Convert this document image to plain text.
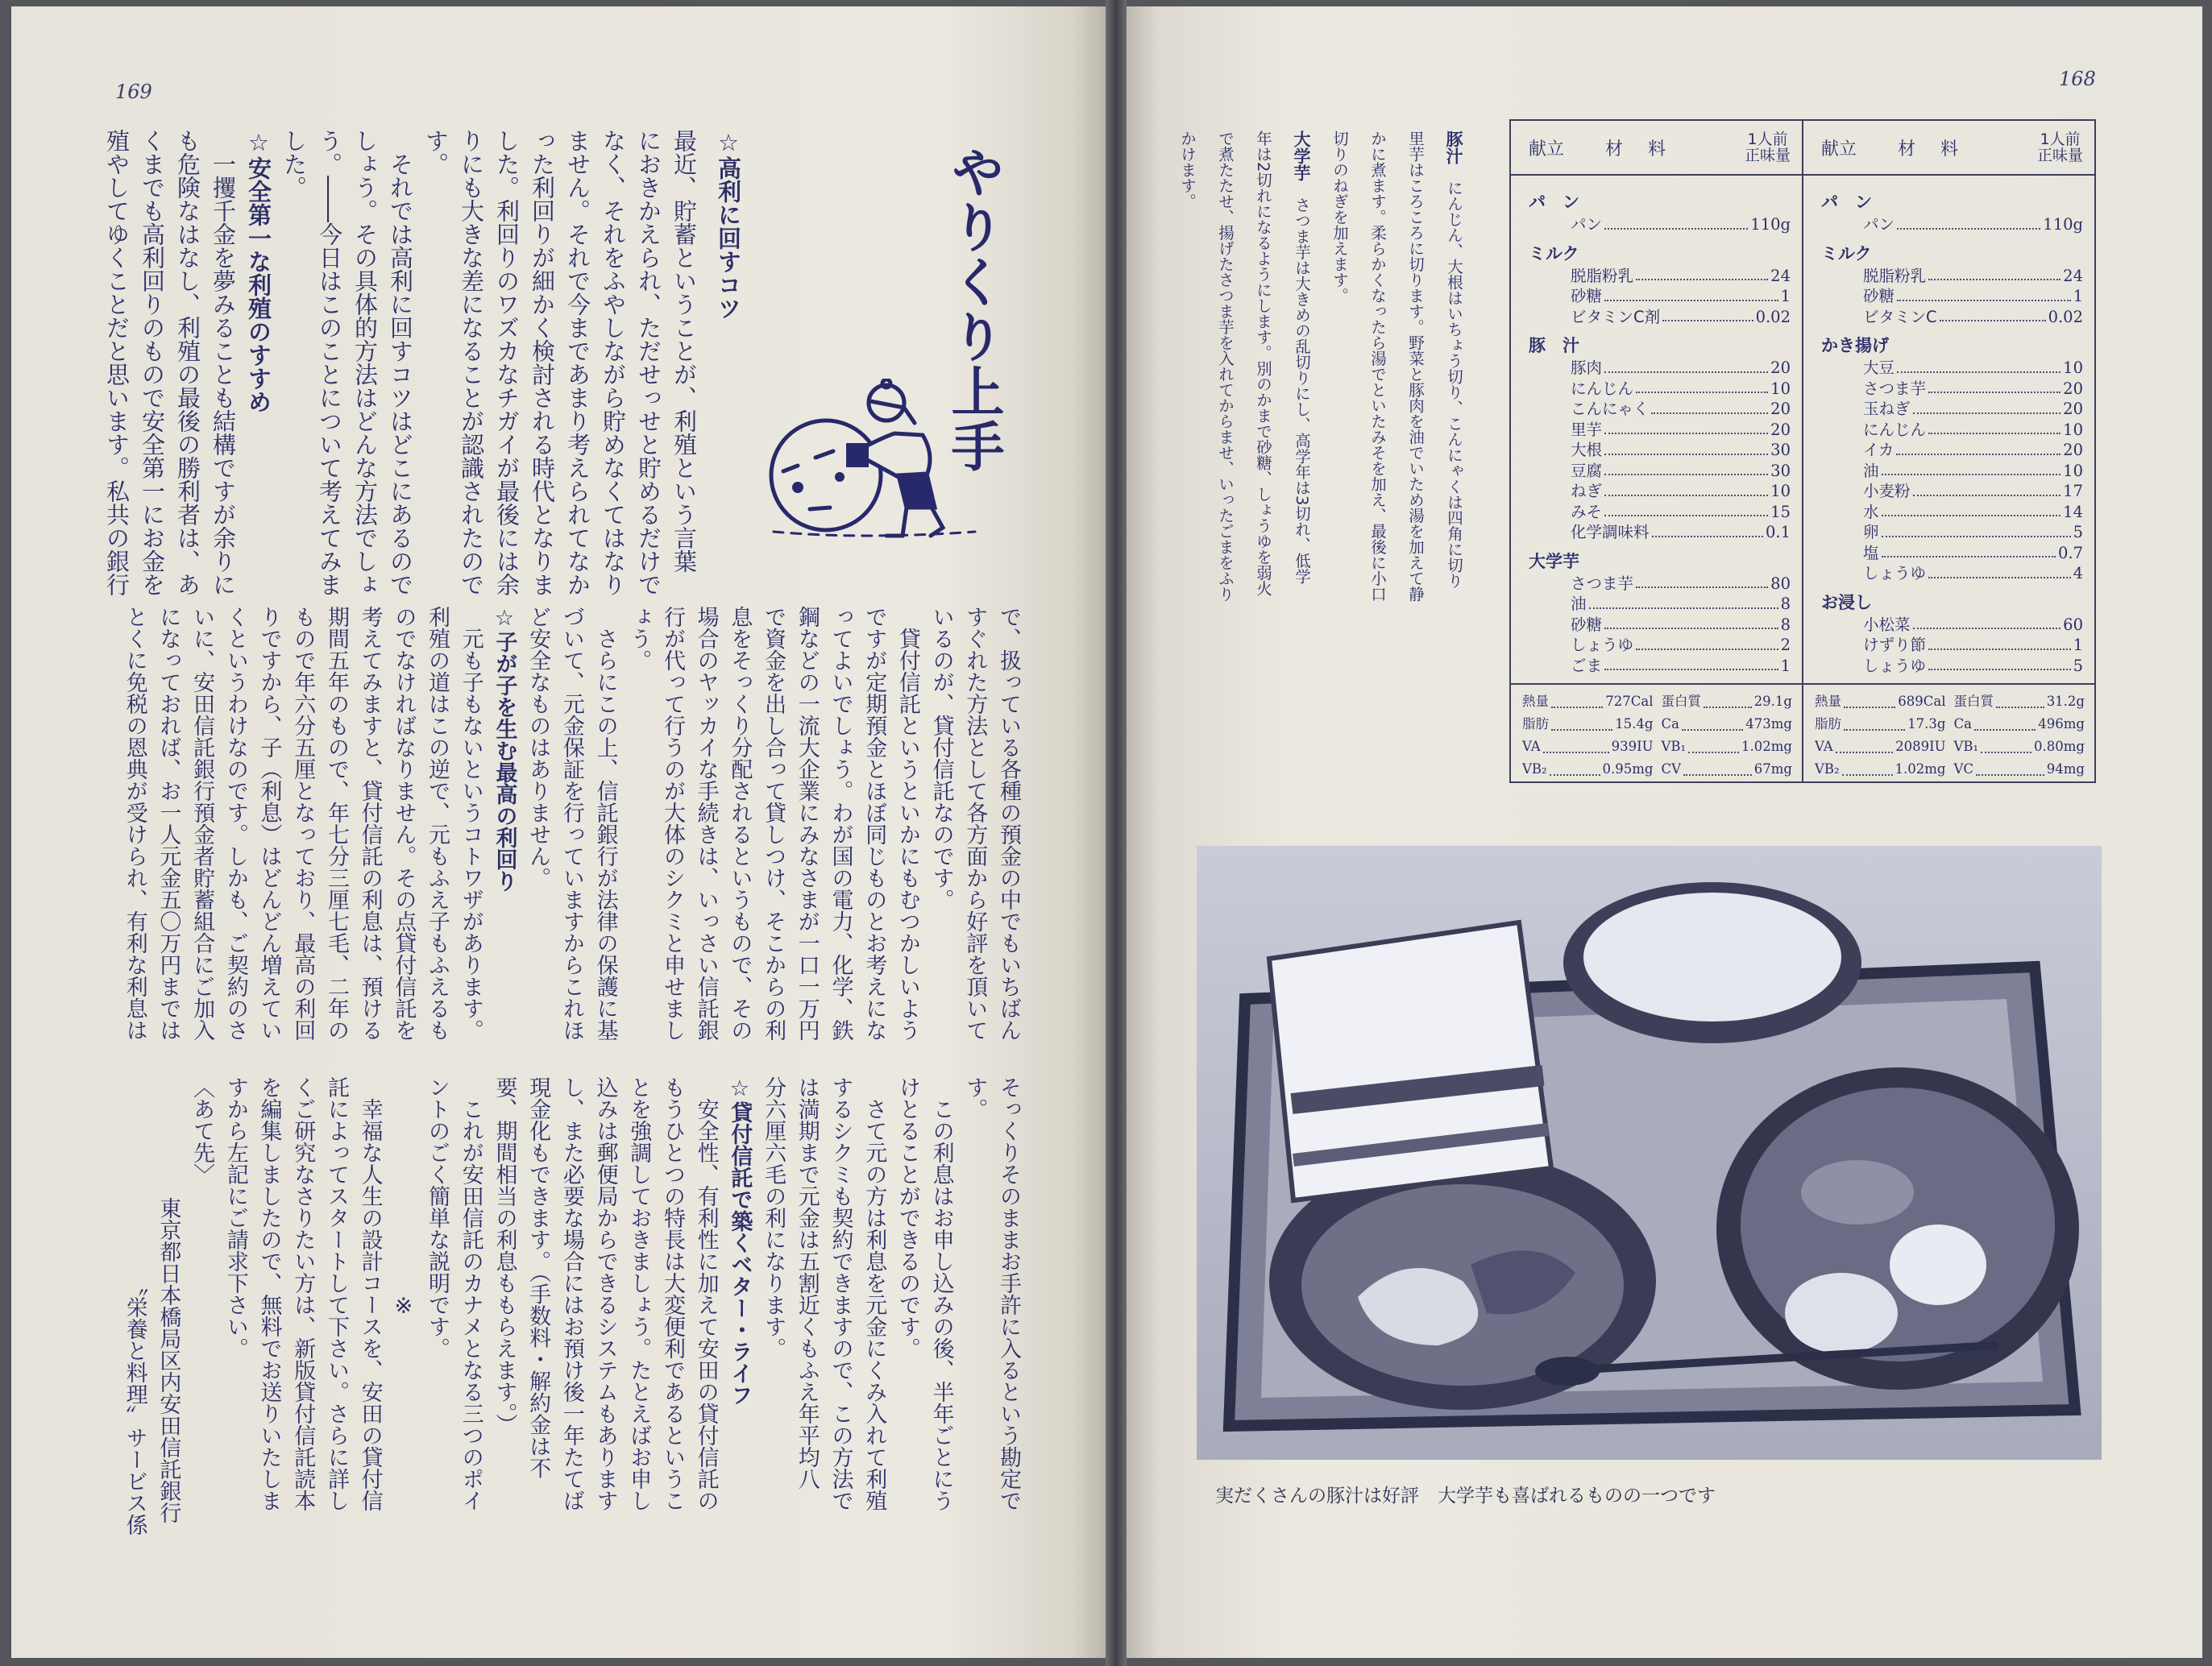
169
やりくり上手
☆高利に回すコツ
最近、貯蓄ということが、利殖という言葉
におきかえられ、ただせっせと貯めるだけで
なく、それをふやしながら貯めなくてはなり
ません。それで今まであまり考えられてなか
った利回りが細かく検討される時代となりま
した。利回りのワズカなチガイが最後には余
りにも大きな差になることが認識されたので
す。
　それでは高利に回すコツはどこにあるので
しょう。その具体的方法はどんな方法でしょ
う。――今日はこのことについて考えてみま
した。
☆安全第一な利殖のすすめ
　一攫千金を夢みることも結構ですが余りに
も危険なはなし、利殖の最後の勝利者は、あ
くまでも高利回りのもので安全第一にお金を
殖やしてゆくことだと思います。私共の銀行
で、扱っている各種の預金の中でもいちばん
すぐれた方法として各方面から好評を頂いて
いるのが、貸付信託なのです。
　貸付信託というといかにもむつかしいよう
ですが定期預金とほぼ同じものとお考えにな
ってよいでしょう。わが国の電力、化学、鉄
鋼などの一流大企業にみなさまが一口一万円
で資金を出し合って貸しつけ、そこからの利
息をそっくり分配されるというもので、その
場合のヤッカイな手続きは、いっさい信託銀
行が代って行うのが大体のシクミと申せまし
ょう。
　さらにこの上、信託銀行が法律の保護に基
づいて、元金保証を行っていますからこれほ
ど安全なものはありません。
☆子が子を生む最高の利回り
　元も子もないというコトワザがあります。
利殖の道はこの逆で、元もふえ子もふえるも
のでなければなりません。その点貸付信託を
考えてみますと、貸付信託の利息は、預ける
期間五年のもので、年七分三厘七毛、二年の
もので年六分五厘となっており、最高の利回
りですから、子（利息）はどんどん増えてい
くというわけなのです。しかも、ご契約のさ
いに、安田信託銀行預金者貯蓄組合にご加入
になっておれば、お一人元金五〇万円までは
とくに免税の恩典が受けられ、有利な利息は
そっくりそのままお手許に入るという勘定で
す。
　この利息はお申し込みの後、半年ごとにう
けとることができるのです。
　さて元の方は利息を元金にくみ入れて利殖
するシクミも契約できますので、この方法で
は満期まで元金は五割近くもふえ年平均八
分六厘六毛の利になります。
☆貸付信託で築くベター・ライフ
　安全性、有利性に加えて安田の貸付信託の
もうひとつの特長は大変便利であるというこ
とを強調しておきましょう。たとえばお申し
込みは郵便局からできるシステムもあります
し、また必要な場合にはお預け後一年たてば
現金化もできます。（手数料・解約金は不
要、期間相当の利息ももらえます。）
　これが安田信託のカナメとなる三つのポイ
ントのごく簡単な説明です。
※
　幸福な人生の設計コースを、安田の貸付信
託によってスタートして下さい。さらに詳し
くご研究なさりたい方は、新版貸付信託読本
を編集しましたので、無料でお送りいたしま
すから左記にご請求下さい。
〈あて先〉
東京都日本橋局区内安田信託銀行
〝栄養と料理〟サービス係
168
豚汁　にんじん、大根はいちょう切り、こんにゃくは四角に切り
里芋はころころに切ります。野菜と豚肉を油でいため湯を加えて静
かに煮ます。柔らかくなったら湯でといたみそを加え、最後に小口
切りのねぎを加えます。
大学芋　さつま芋は大きめの乱切りにし、高学年は3切れ、低学
年は2切れになるようにします。別のかまで砂糖、しょうゆを弱火
で煮たたせ、揚げたさつま芋を入れてからませ、いったごまをふり
かけます。	献立	材 料	1人前
正味量
パ　ン
パン	110g
ミルク
脱脂粉乳	24
砂糖	1
ビタミンC剤	0.02
豚　汁
豚肉	20
にんじん	10
こんにゃく	20
里芋	20
大根	30
豆腐	30
ねぎ	10
みそ	15
化学調味料	0.1
大学芋
さつま芋	80
油	8
砂糖	8
しょうゆ	2
ごま	1
熱量	727Cal 蛋白質	29.1g
脂肪	15.4g Ca	473mg
VA	939IU VB₁	1.02mg
VB₂	0.95mg CV	67mg
献立	材 料	1人前
正味量
パ　ン
パン	110g
ミルク
脱脂粉乳	24
砂糖	1
ビタミンC	0.02
かき揚げ
大豆	10
さつま芋	20
玉ねぎ	20
にんじん	10
イカ	20
油	10
小麦粉	17
水	14
卵	5
塩	0.7
しょうゆ	4
お浸し
小松菜	60
けずり節	1
しょうゆ	5
熱量	689Cal 蛋白質	31.2g
脂肪	17.3g Ca	496mg
VA	2089IU VB₁	0.80mg
VB₂	1.02mg VC	94mg
実だくさんの豚汁は好評　大学芋も喜ばれるものの一つです
